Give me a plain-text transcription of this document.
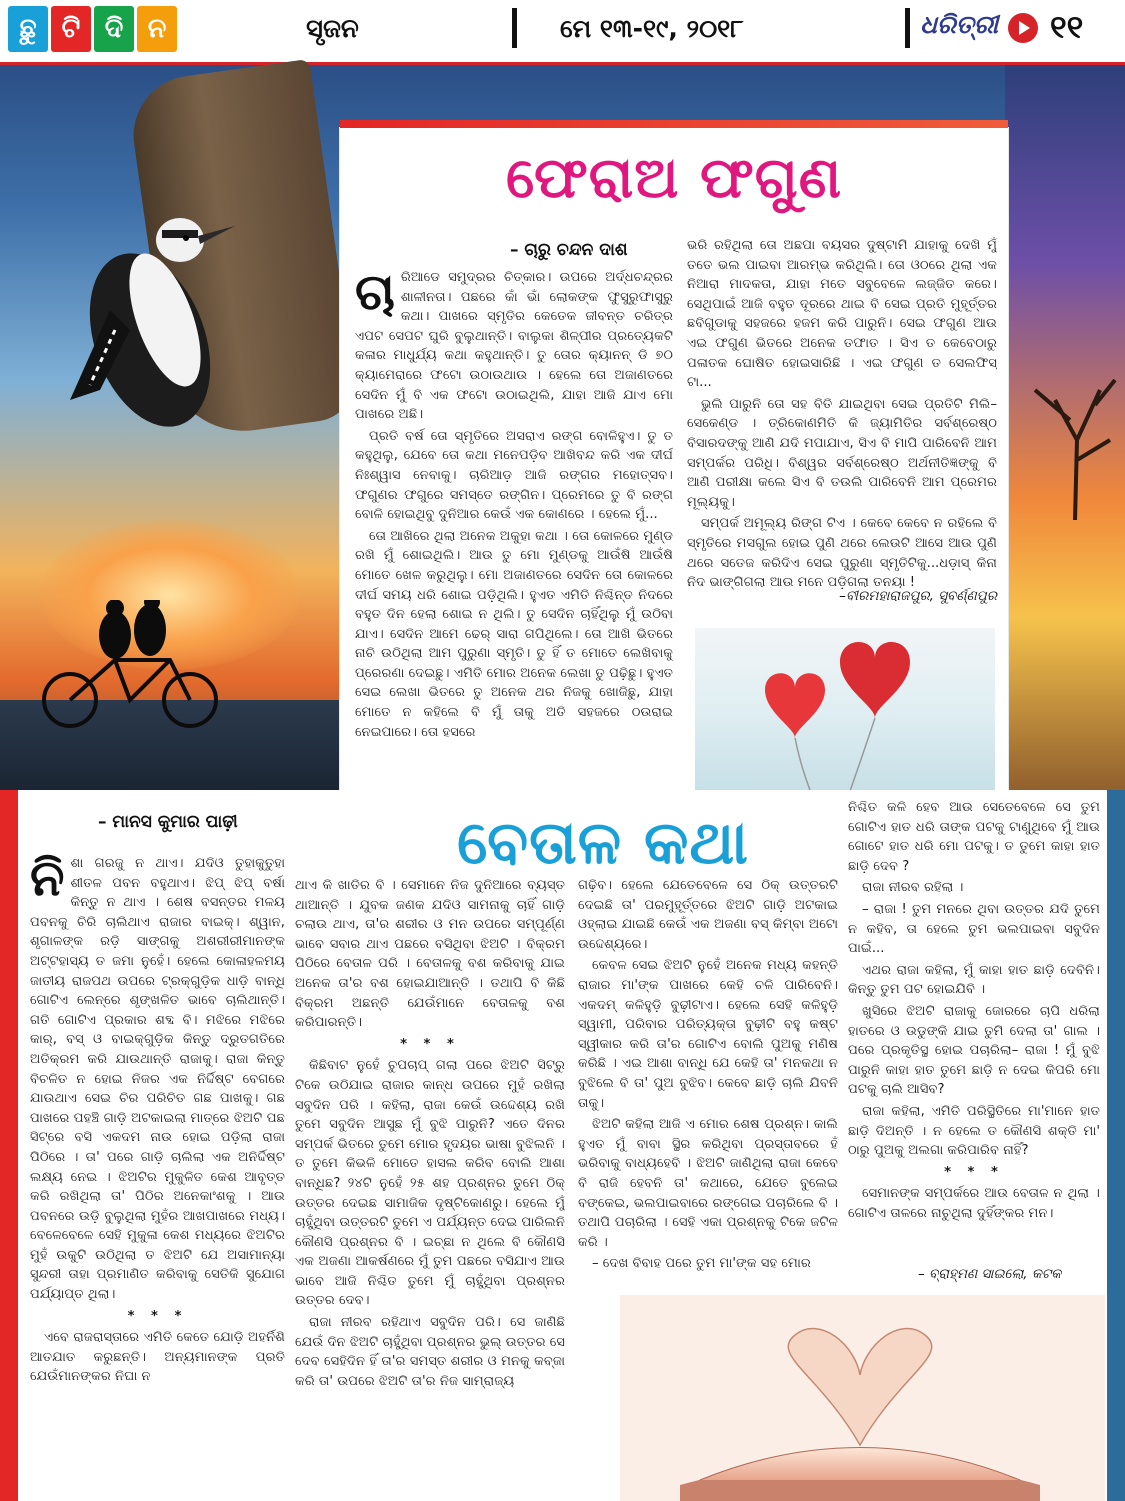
ଛୁ ଟି ଦି ନ	ସୃଜନ	ମେ ୧୩-୧୯, ୨୦୧୮	ଧରିତ୍ରୀ ୧୧
ଫେରାଅ ଫଗୁଣ
– ଚାରୁ ଚନ୍ଦନ ଦାଶ

ଚାରିଆଡେ ସମୁଦ୍ରର ଚିତ୍କାର। ଉପରେ ଅର୍ଦ୍ଧଚନ୍ଦ୍ରର ଶାଳୀନତା। ପଛରେ କାଁ ଭାଁ ଲୋକଙ୍କ ଫୁସୁରୁଫାସୁରୁ କଥା। ପାଖରେ ସ୍ମୃତିର କେତେକ ଜୀବନ୍ତ ଚରିତ୍ର ଏପଟ ସେପଟ ଘୁରି ବୁଲୁଥାନ୍ତି। ବାଲୁକା ଶିଳ୍ପୀର ପ୍ରତ୍ୟେକଟି କଳାର ମାଧୁର୍ଯ୍ୟ କଥା କହୁଥାନ୍ତି। ତୁ ତୋର କ୍ୟାନନ୍ ଡି ୭୦ କ୍ୟାମେରାରେ ଫଟୋ ଉଠାଉଥାଉ । ହେଲେ ତୋ ଅଜାଣତରେ ସେଦିନ ମୁଁ ବି ଏକ ଫଟୋ ଉଠାଇଥିଲି, ଯାହା ଆଜି ଯାଏ ମୋ ପାଖରେ ଅଛି।

ପ୍ରତି ବର୍ଷ ତୋ ସ୍ମୃତିରେ ଅସରାଏ ରଙ୍ଗ ବୋଳିହୁଏ। ତୁ ତ କହୁଥିଲୁ, ଯେବେ ତୋ କଥା ମନେପଡ଼ିବ ଆଖିବନ୍ଦ କରି ଏକ ଦୀର୍ଘ ନିଃଶ୍ୱାସ ନେବାକୁ। ଚାରିଆଡ଼ ଆଜି ରଙ୍ଗର ମହୋତ୍ସବ। ଫଗୁଣର ଫଗୁରେ ସମସ୍ତେ ରଙ୍ଗିନ। ପ୍ରେମରେ ତୁ ବି ରଙ୍ଗ ବୋଳି ହୋଇଥିବୁ ଦୁନିଆର କେଉଁ ଏକ କୋଣରେ । ହେଲେ ମୁଁ...

ତୋ ଆଖିରେ ଥିଲା ଅନେକ ଅକୁହା କଥା । ତୋ କୋଳରେ ମୁଣ୍ଡ ରଖି ମୁଁ ଶୋଇଥିଲି। ଆଉ ତୁ ମୋ ମୁଣ୍ଡକୁ ଆଉଁଷି ଆଉଁଷି ମୋତେ ଖେଳ କରୁଥିଲୁ। ମୋ ଅଜାଣତରେ ସେଦିନ ତୋ କୋଳରେ ଦୀର୍ଘ ସମୟ ଧରି ଶୋଇ ପଡ଼ିଥିଲି। ହୁଏତ ଏମିତି ନିଶ୍ଚିନ୍ତ ନିଦରେ ବହୁତ ଦିନ ହେଲା ଶୋଇ ନ ଥିଲି। ତୁ ସେଦିନ ଚାହିଁଥିଲୁ ମୁଁ ଉଠିବା ଯାଏ। ସେଦିନ ଆମେ ଢେର୍ ସାରା ଗପିଥିଲେ। ତୋ ଆଖି ଭିତରେ ନାଚି ଉଠିଥିଲା ଆମ ପୁରୁଣା ସ୍ମୃତି। ତୁ ହିଁ ତ ମୋତେ ଲେଖିବାକୁ ପ୍ରେରଣା ଦେଇଛୁ। ଏମିତି ମୋର ଅନେକ ଲେଖା ତୁ ପଢ଼ିଛୁ। ହୁଏତ ସେଇ ଲେଖା ଭିତରେ ତୁ ଅନେକ ଥର ନିଜକୁ ଖୋଜିଛୁ, ଯାହା ମୋତେ ନ କହିଲେ ବି ମୁଁ ତାକୁ ଅତି ସହଜରେ ଠଉରାଇ ନେଇପାରେ। ତୋ ହସରେ

ଭରି ରହିଥିଲା ତୋ ଅଛପା ବୟସର ଦୁଷ୍ଟାମି ଯାହାକୁ ଦେଖି ମୁଁ ତତେ ଭଲ ପାଇବା ଆରମ୍ଭ କରିଥିଲି। ତୋ ଓଠରେ ଥିଲା ଏକ ନିଆରା ମାଦକତା, ଯାହା ମତେ ସବୁବେଳେ ଲଜ୍ଜିତ କରେ। ସେଥିପାଇଁ ଆଜି ବହୁତ ଦୂରରେ ଥାଇ ବି ସେଇ ପ୍ରତି ମୁହୂର୍ତ୍ତର ଛବିଗୁଡାକୁ ସହଜରେ ହଜମ କରି ପାରୁନି। ସେଇ ଫଗୁଣ ଆଉ ଏଇ ଫଗୁଣ ଭିତରେ ଅନେକ ତଫାତ । ସିଏ ତ କେବେଠାରୁ ପଳାତକ ଘୋଷିତ ହୋଇସାରିଛି । ଏଇ ଫଗୁଣ ତ ସେଲଫିସ୍ ଟା...

ଭୁଲି ପାରୁନି ତୋ ସହ ବିତି ଯାଇଥିବା ସେଇ ପ୍ରତିଟି ମିଲି–ସେକେଣ୍ଡ । ତ୍ରିକୋଣମିତି କି ଜ୍ୟାମିତିର ସର୍ବଶ୍ରେଷ୍ଠ ବିସାରଦଙ୍କୁ ଆଣି ଯଦି ମପାଯାଏ, ସିଏ ବି ମାପି ପାରିବେନି ଆମ ସମ୍ପର୍କର ପରିଧି। ବିଶ୍ୱର ସର୍ବଶ୍ରେଷ୍ଠ ଅର୍ଥନୀତିଜ୍ଞଙ୍କୁ ବି ଆଣି ପରୀକ୍ଷା କଲେ ସିଏ ବି ତଉଲି ପାରିବେନି ଆମ ପ୍ରେମର ମୂଲ୍ୟକୁ।

ସମ୍ପର୍କ ଅମୂଲ୍ୟ ରିଙ୍ଗ ଟିଏ । କେବେ କେବେ ନ ରହିଲେ ବି ସ୍ମୃତିରେ ମସଗୁଲ ହୋଇ ପୁଣି ଥରେ ଲେଉଟି ଆସେ ଆଉ ପୁଣି ଥରେ ସତେଜ କରିଦିଏ ସେଇ ପୁରୁଣା ସ୍ମୃତିଟିକୁ...ଧଡ଼ାସ୍ କିନା ନିଦ ଭାଙ୍ଗିଗଲା ଆଉ ମନେ ପଡ଼ିଗଲା ତନୟା !

–ବୀରମହାରାଜପୁର, ସୁବର୍ଣ୍ଣପୁର
– ମାନସ କୁମାର ପାଢ଼ୀ	ବେତାଳ କଥା

ନିଶା ଗରଜୁ ନ ଥାଏ। ଯଦିଓ ତୁହାକୁତୁହା ଶୀତଳ ପବନ ବହୁଥାଏ। ଝିପ୍ ଝିପ୍ ବର୍ଷା କିନ୍ତୁ ନ ଥାଏ । ଶେଷ ବସନ୍ତର ମଳୟ ପବନକୁ ଚିରି ଚାଲିଥାଏ ରାଜାର ବାଇକ୍। ଶ୍ୱାନ, ଶୃଗାଳଙ୍କ ରଡ଼ି ସାଙ୍ଗକୁ ଅଶରୀରୀମାନଙ୍କ ଅଟ୍ଟହାସ୍ୟ ତ ଜମା ନୁହେଁ। ହେଲେ କୋଳାହଳମୟ ଜାତୀୟ ରାଜପଥ ଉପରେ ଟ୍ରକ୍‌ଗୁଡ଼ିକ ଧାଡ଼ି ବାନ୍ଧି ଗୋଟିଏ ଲେନ୍‌ରେ ଶୃଙ୍ଖଳିତ ଭାବେ ଚାଲିଥାନ୍ତି। ଗତି ଗୋଟିଏ ପ୍ରକାର ଶବ୍ଦ ବି। ମଝିରେ ମଝିରେ କାର୍, ବସ୍ ଓ ବାଇକ୍‌ଗୁଡ଼ିକ କିନ୍ତୁ ଦ୍ରୁତଗତିରେ ଅତିକ୍ରମ କରି ଯାଉଥାନ୍ତି ରାଜାକୁ। ରାଜା କିନ୍ତୁ ବିଚଳିତ ନ ହୋଇ ନିଜର ଏକ ନିର୍ଦ୍ଦିଷ୍ଟ ବେଗରେ ଯାଉଥାଏ ସେଇ ଚିର ପରିଚିତ ଗଛ ପାଖକୁ। ଗଛ ପାଖରେ ପହଞ୍ଚି ଗାଡ଼ି ଅଟକାଇଲା ମାତ୍ରେ ଝିଅଟି ପଛ ସିଟ୍‌ରେ ବସି ଏକଦମ ନାଉ ହୋଇ ପଡ଼ିଲା ରାଜା ପିଠିରେ । ତା' ପରେ ଗାଡ଼ି ଚାଲିଲା ଏକ ଅନିର୍ଦ୍ଦିଷ୍ଟ ଲକ୍ଷ୍ୟ ନେଇ । ଝିଅଟିର ମୁକୁଳିତ କେଶ ଆବୃତ୍ତ କରି ରଖିଥିଲା ତା' ପିଠିର ଅନେକାଂଶକୁ । ଆଉ ପବନରେ ଉଡ଼ି ବୁଲୁଥିଲା ମୁହଁର ଆଖପାଖରେ ମଧ୍ୟ। ବେଳେବେଳେ ସେହି ମୁକୁଳା କେଶ ମଧ୍ୟରେ ଝିଅଟିର ମୁହଁ ଉକୁଟି ଉଠିଥିଲା ତ ଝିଅଟି ଯେ ଅସାମାନ୍ୟା ସୁନ୍ଦରୀ ତାହା ପ୍ରମାଣିତ କରିବାକୁ ସେତିକି ସୁଯୋଗ ପର୍ଯ୍ୟାପ୍ତ ଥିଲା।

* * *

ଏବେ ରାଜରାସ୍ତାରେ ଏମିତି କେତେ ଯୋଡ଼ି ଅହର୍ନିଶି ଆତଯାତ କରୁଛନ୍ତି। ଅନ୍ୟମାନଙ୍କ ପ୍ରତି ଯେଉଁମାନଙ୍କର ନିଘା ନ

ଥାଏ କି ଖାତିର ବି । ସେମାନେ ନିଜ ଦୁନିଆରେ ବ୍ୟସ୍ତ ଥାଆନ୍ତି । ଯୁବକ ଜଣକ ଯଦିଓ ସାମନାକୁ ଚାହିଁ ଗାଡ଼ି ଚଲାଉ ଥାଏ, ତା'ର ଶରୀର ଓ ମନ ଉପରେ ସମ୍ପୂର୍ଣ୍ଣ ଭାବେ ସବାର ଥାଏ ପଛରେ ବସିଥିବା ଝିଅଟି । ବିକ୍ରମ ପିଠିରେ ବେତାଳ ପରି । ବେତାଳକୁ ବଶ କରିବାକୁ ଯାଇ ଅନେକ ତା'ର ବଶ ହୋଇଯାଆନ୍ତି । ତଥାପି ବି କିଛି ବିକ୍ରମ ଅଛନ୍ତି ଯେଉଁମାନେ ବେତାଳକୁ ବଶ କରିପାରନ୍ତି।

* * *

କିଛିବାଟ ନୁହେଁ ଚୁପଚାପ୍ ଗଲା ପରେ ଝିଅଟି ସିଟ୍‌ରୁ ଟିକେ ଉଠିଯାଇ ରାଜାର କାନ୍ଧ ଉପରେ ମୁହଁ ରଖିଲା ସବୁଦିନ ପରି । କହିଲା, ରାଜା କେଉଁ ଉଦ୍ଦେଶ୍ୟ ରଖି ତୁମେ ସବୁଦିନ ଆସୁଛ ମୁଁ ବୁଝି ପାରୁନି? ଏତେ ଦିନର ସମ୍ପର୍କ ଭିତରେ ତୁମେ ମୋର ହୃଦୟର ଭାଷା ବୁଝିଲନି । ତ ତୁମେ କିଭଳି ମୋତେ ହାସଲ କରିବ ବୋଲି ଆଶା ବାନ୍ଧିଛ? ୨୪ଟି ନୁହେଁ ୨୫ ଶହ ପ୍ରଶ୍ନର ତୁମେ ଠିକ୍ ଉତ୍ତର ଦେଇଛ ସାମାଜିକ ଦୃଷ୍ଟିକୋଣରୁ। ହେଲେ ମୁଁ ଚାହୁଁଥିବା ଉତ୍ତରଟି ତୁମେ ଏ ପର୍ଯ୍ୟନ୍ତ ଦେଇ ପାରିଲନି କୌଣସି ପ୍ରଶ୍ନର ବି । ଇଚ୍ଛା ନ ଥିଲେ ବି କୌଣସି ଏକ ଅଜଣା ଆକର୍ଷଣରେ ମୁଁ ତୁମ ପଛରେ ବସିଯାଏ ଆଉ ଭାବେ ଆଜି ନିଶ୍ଚିତ ତୁମେ ମୁଁ ଚାହୁଁଥିବା ପ୍ରଶ୍ନର ଉତ୍ତର ଦେବ।

ରାଜା ନୀରବ ରହିଥାଏ ସବୁଦିନ ପରି। ସେ ଜାଣିଛି ଯେଉଁ ଦିନ ଝିଅଟି ଚାହୁଁଥିବା ପ୍ରଶ୍ନର ଭୁଲ୍ ଉତ୍ତର ସେ ଦେବ ସେହିଦିନ ହିଁ ତା'ର ସମସ୍ତ ଶରୀର ଓ ମନକୁ କବ୍‌ଜା କରି ତା' ଉପରେ ଝିଅଟି ତା'ର ନିଜ ସାମ୍ରାଜ୍ୟ

ଗଢ଼ିବ। ହେଲେ ଯେତେବେଳେ ସେ ଠିକ୍ ଉତ୍ତରଟି ଦେଇଛି ତା' ପରମୁହୂର୍ତ୍ତରେ ଝିଅଟି ଗାଡ଼ି ଅଟକାଇ ଓହ୍ଲାଇ ଯାଇଛି କେଉଁ ଏକ ଅଜଣା ବସ୍ କିମ୍ବା ଅଟୋ ଉଦ୍ଦେଶ୍ୟରେ।

କେବଳ ସେଇ ଝିଅଟି ନୁହେଁ ଅନେକ ମଧ୍ୟ କହନ୍ତି ରାଜାର ମା'ଙ୍କ ପାଖରେ କେହି ଚଳି ପାରିବେନି। ଏକଦମ୍ କଳିହୁଡ଼ି ବୁଢ଼ୀଟାଏ। ହେଲେ ସେହି କଳିହୁଡ଼ି ସ୍ୱାମୀ, ପରିବାର ପରିତ୍ୟକ୍ତା ବୁଢ଼ୀଟି ବହୁ କଷ୍ଟ ସ୍ୱୀକାର କରି ତା'ର ଗୋଟିଏ ବୋଲି ପୁଅକୁ ମଣିଷ କରିଛି । ଏଇ ଆଶା ବାନ୍ଧି ଯେ କେହି ତା' ମନକଥା ନ ବୁଝିଲେ ବି ତା' ପୁଅ ବୁଝିବ। କେବେ ଛାଡ଼ି ଚାଲି ଯିବନି ତାକୁ।

ଝିଅଟି କହିଲା ଆଜି ଏ ମୋର ଶେଷ ପ୍ରଶ୍ନ। କାଲି ହୁଏତ ମୁଁ ବାବା ସ୍ଥିର କରିଥିବା ପ୍ରସ୍ତାବରେ ହଁ ଭରିବାକୁ ବାଧ୍ୟହେବି । ଝିଅଟି ଜାଣିଥିଲା ରାଜା କେବେ ବି ରାଜି ହେବନି ତା' କଥାରେ, ଯେତେ ବୁଲେଇ ବଙ୍କେଇ, ଭଲପାଇବାରେ ରଙ୍ଗେଇ ପଚାରିଲେ ବି । ତଥାପି ପଚାରିଲା । ସେହି ଏକା ପ୍ରଶ୍ନକୁ ଟିକେ ଜଟିଳ କରି ।

– ଦେଖ ବିବାହ ପରେ ତୁମ ମା'ଙ୍କ ସହ ମୋର

ନିଶ୍ଚିତ କଳି ହେବ ଆଉ ସେତେବେଳେ ସେ ତୁମ ଗୋଟିଏ ହାତ ଧରି ତାଙ୍କ ପଟକୁ ଟାଣୁଥିବେ ମୁଁ ଆଉ ଗୋଟେ ହାତ ଧରି ମୋ ପଟକୁ। ତ ତୁମେ କାହା ହାତ ଛାଡ଼ି ଦେବ ?

ରାଜା ନୀରବ ରହିଲା ।

– ରାଜା ! ତୁମ ମନରେ ଥିବା ଉତ୍ତର ଯଦି ତୁମେ ନ କହିବ, ତା ହେଲେ ତୁମ ଭଲପାଇବା ସବୁଦିନ ପାଇଁ...

ଏଥର ରାଜା କହିଲା, ମୁଁ କାହା ହାତ ଛାଡ଼ି ଦେବିନି। କିନ୍ତୁ ତୁମ ପଟ ହୋଇଯିବି ।

ଖୁସିରେ ଝିଅଟି ରାଜାକୁ ଜୋରରେ ଚାପି ଧରିଲା ହାତରେ ଓ ଉଡୁଙ୍କି ଯାଇ ତୁମି ଦେଲା ତା' ଗାଲ । ପରେ ପ୍ରକୃତିସ୍ଥ ହୋଇ ପଚାରିଲା– ରାଜା ! ମୁଁ ବୁଝି ପାରୁନି କାହା ହାତ ତୁମେ ଛାଡ଼ି ନ ଦେଇ କିପରି ମୋ ପଟକୁ ଚାଲି ଆସିବ?

ରାଜା କହିଲା, ଏମିତି ପରିସ୍ଥିତିରେ ମା'ମାନେ ହାତ ଛାଡ଼ି ଦିଅନ୍ତି । ନ ହେଲେ ତ କୌଣସି ଶକ୍ତି ମା' ଠାରୁ ପୁଅକୁ ଅଲଗା କରିପାରିବ ନାହିଁ?

* * *

ସେମାନଙ୍କ ସମ୍ପର୍କରେ ଆଉ ବେତାଳ ନ ଥିଲା । ଗୋଟିଏ ତାଳରେ ନାଚୁଥିଲା ଦୁହିଁଙ୍କର ମନ।

– ବ୍ରାହ୍ମଣ ସାଇଲୋ, କଟକ
